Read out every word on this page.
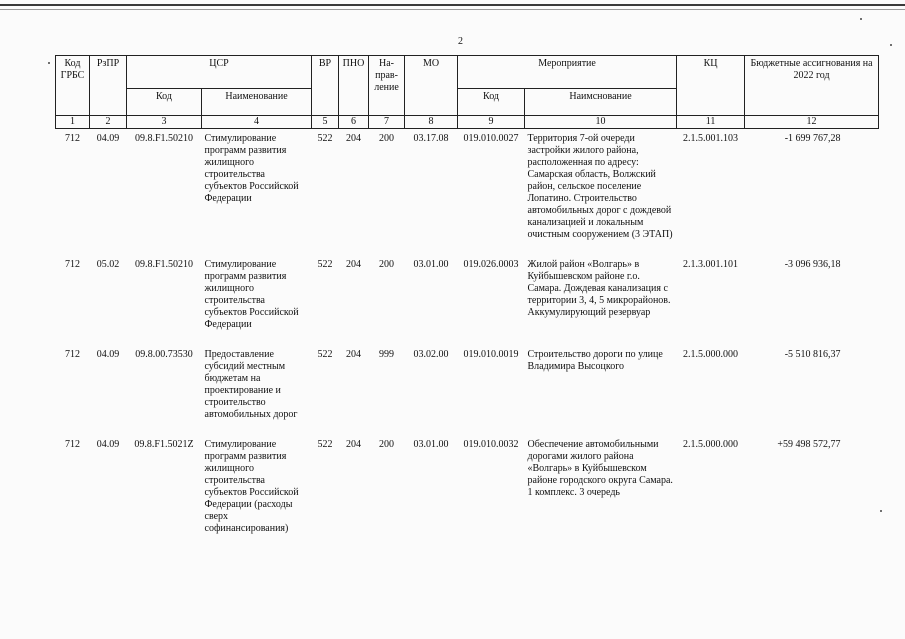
2
Код ГРБС	РзПР	ЦСР		ВР	ПНО	На- прав- ление	МО	Мероприятие		КЦ	Бюджетные ассигнования на 2022 год
		Код	Наименование					Код	Наимснование		
1	2	3	4	5	6	7	8	9	10	11	12
712	04.09	09.8.F1.50210	Стимулирование программ развития жилищного строительства субъектов Российской Федерации	522	204	200	03.17.08	019.010.0027	Территория 7-ой очереди застройки жилого района, расположенная по адресу: Самарская область, Волжский район, сельское поселение Лопатино. Строительство автомобильных дорог с дождевой канализацией и локальным очистным сооружением (3 ЭТАП)	2.1.5.001.103	-1 699 767,28
712	05.02	09.8.F1.50210	Стимулирование программ развития жилищного строительства субъектов Российской Федерации	522	204	200	03.01.00	019.026.0003	Жилой район «Волгарь» в Куйбышевском районе г.о. Самара. Дождевая канализация с территории 3, 4, 5 микрорайонов. Аккумулирующий резервуар	2.1.3.001.101	-3 096 936,18
712	04.09	09.8.00.73530	Предоставление субсидий местным бюджетам на проектирование и строительство автомобильных дорог	522	204	999	03.02.00	019.010.0019	Строительство дороги по улице Владимира Высоцкого	2.1.5.000.000	-5 510 816,37
712	04.09	09.8.F1.5021Z	Стимулирование программ развития жилищного строительства субъектов Российской Федерации (расходы сверх софинансирования)	522	204	200	03.01.00	019.010.0032	Обеспечение автомобильными дорогами жилого района «Волгарь» в Куйбышевском районе городского округа Самара. 1 комплекс. 3 очередь	2.1.5.000.000	+59 498 572,77
